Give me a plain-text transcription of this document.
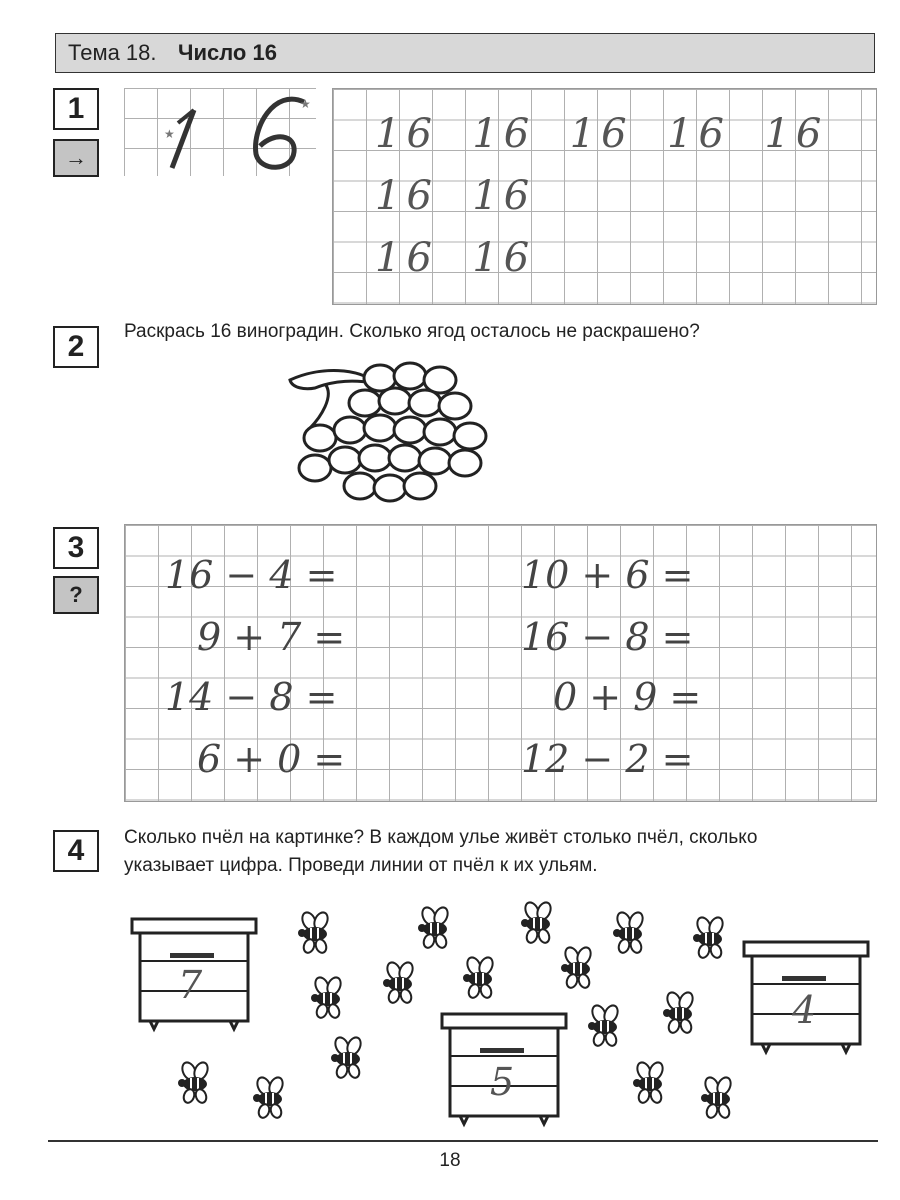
Тема 18. Число 16
1
→
★
★
16 16 16 16 16
16 16
16 16
2	Раскрась 16 виноградин. Сколько ягод осталось не раскрашено?
3
?	16 − 4 =
9 + 7 =
14 − 8 =
6 + 0 =
10 + 6 =
16 − 8 =
0 + 9 =
12 − 2 =
4	Сколько пчёл на картинке? В каждом улье живёт столько пчёл, сколько
указывает цифра. Проведи линии от пчёл к их ульям.
7
5
4
18
